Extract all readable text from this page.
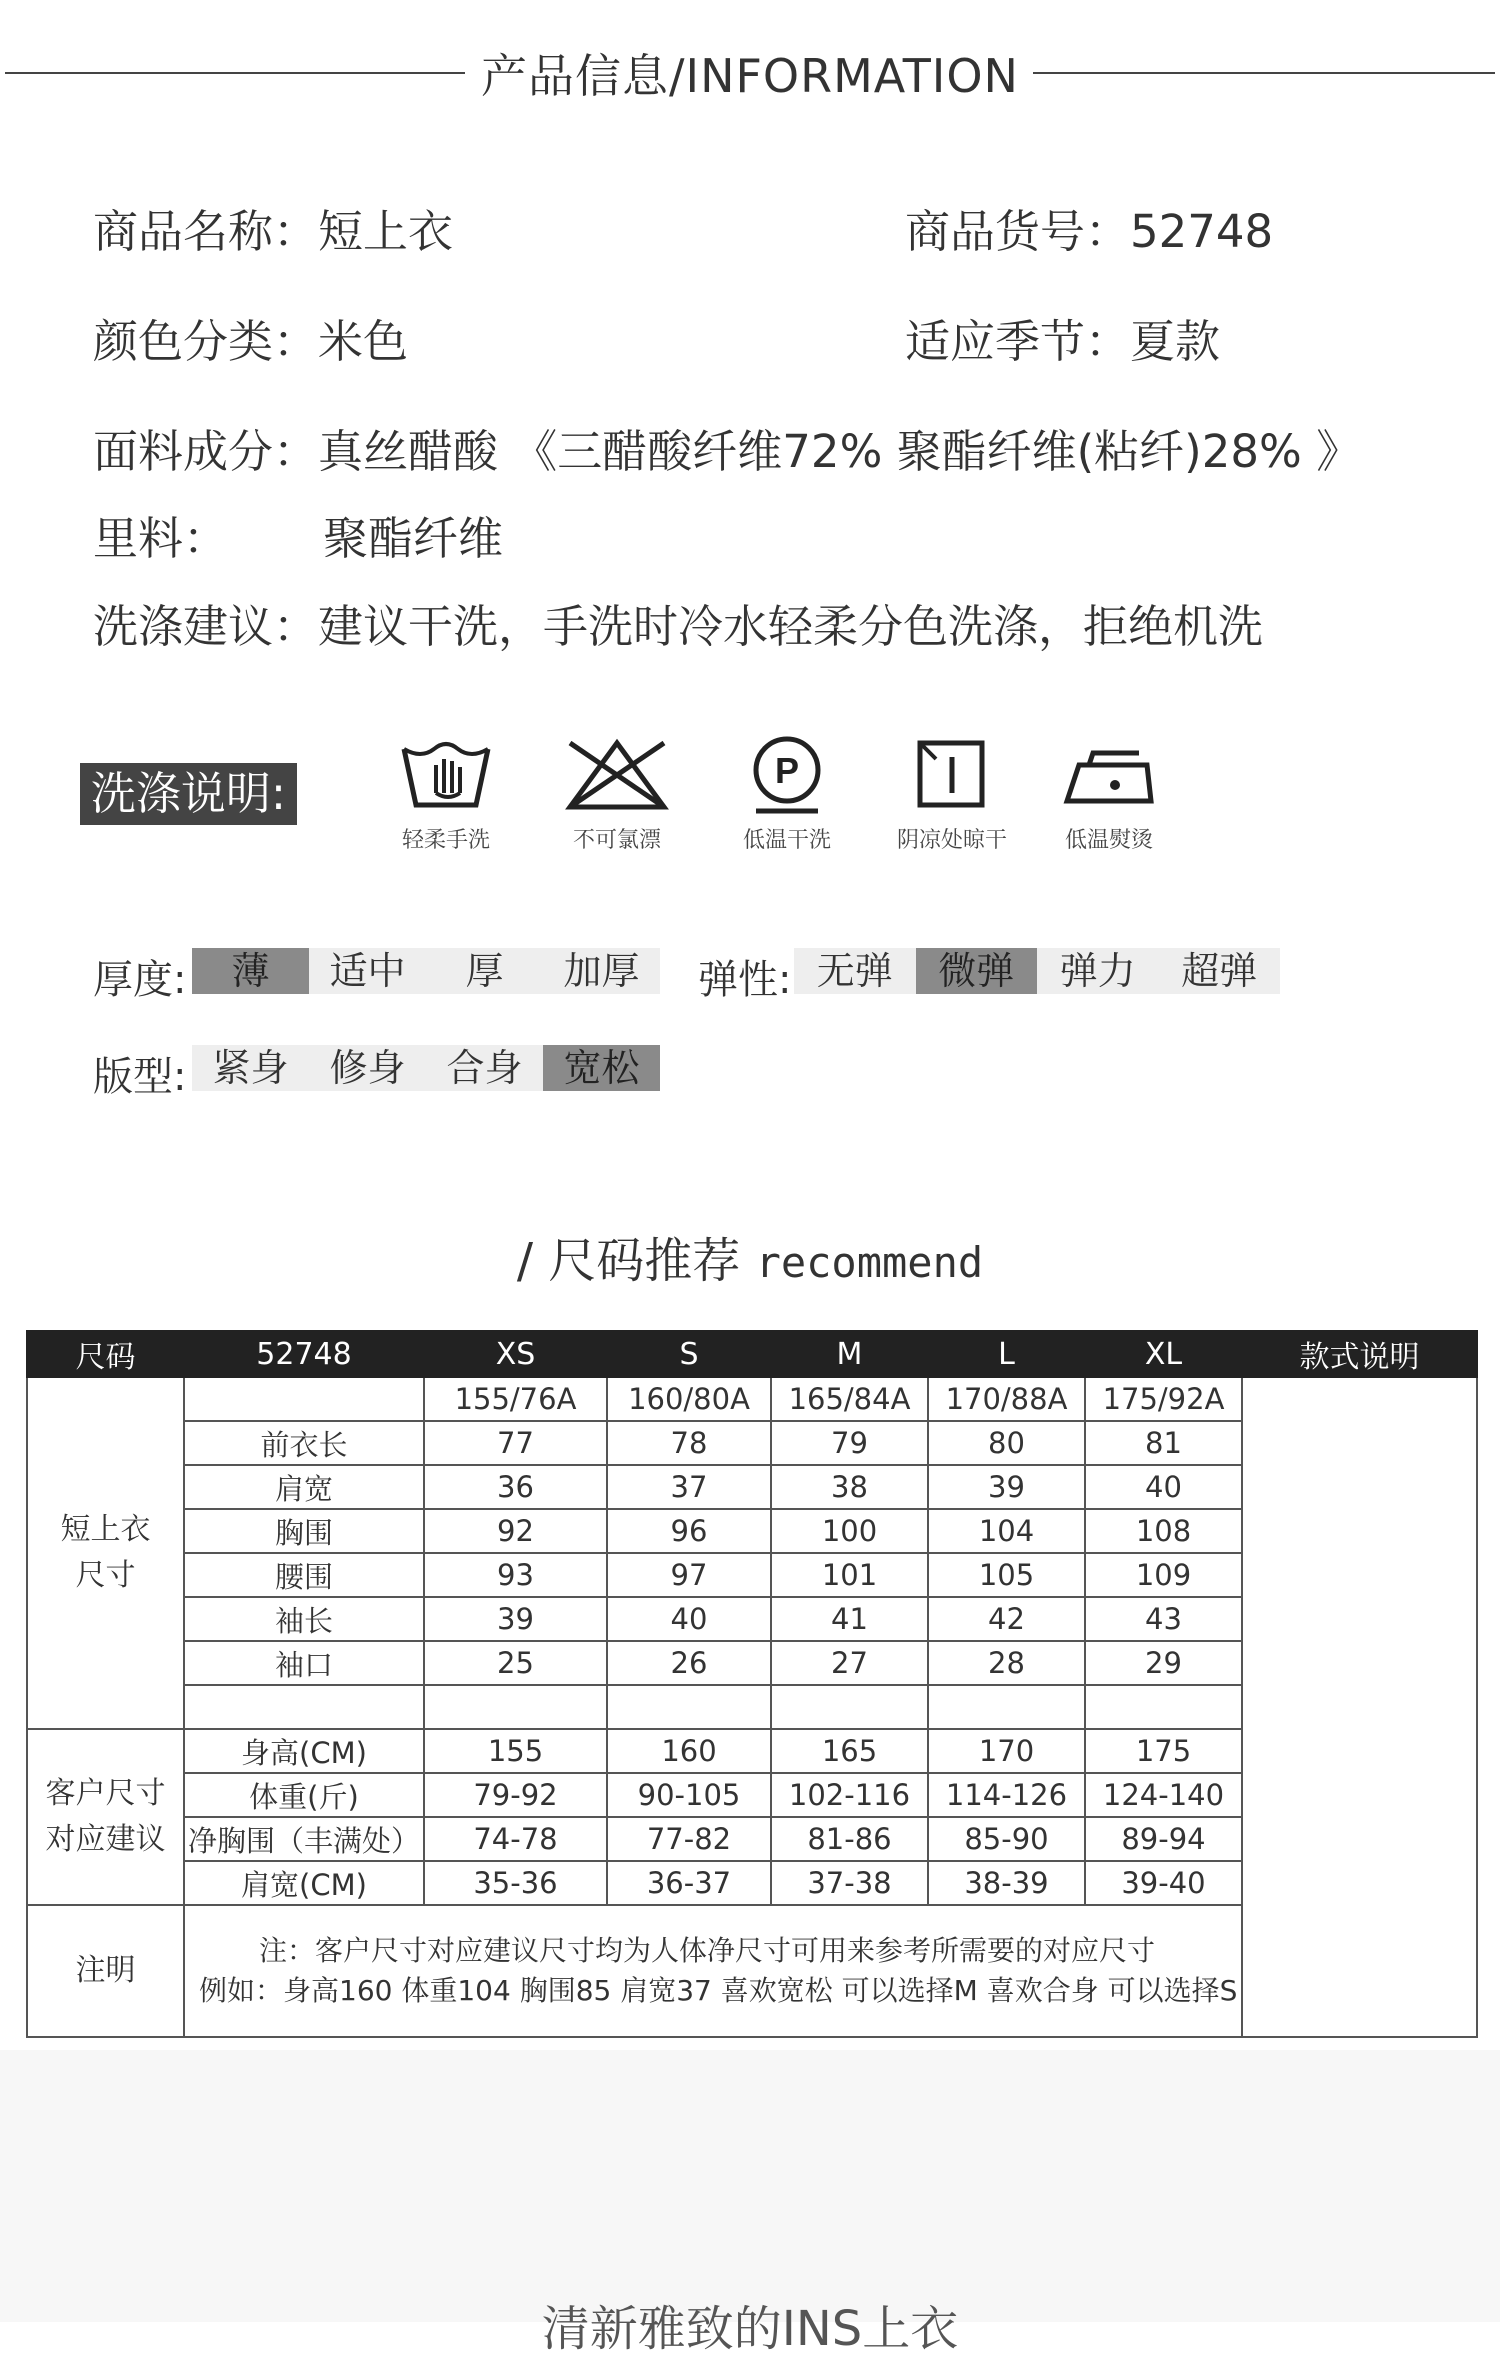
产品信息/INFORMATION
商品名称：短上衣	商品货号：52748
颜色分类：米色	适应季节：夏款
面料成分：真丝醋酸 《三醋酸纤维72% 聚酯纤维(粘纤)28% 》
里料： 聚酯纤维
洗涤建议：建议干洗，手洗时冷水轻柔分色洗涤，拒绝机洗
洗涤说明:
轻柔手洗	不可氯漂
P
低温干洗	阴凉处晾干	低温熨烫
厚度:	薄	适中	厚	加厚	弹性: 无弹	微弹	弹力	超弹
版型: 紧身	修身	合身	宽松
/ 尺码推荐 recommend
尺码	52748	XS	S	M	L	XL	款式说明

短上衣
尺寸		155/76A	160/80A	165/84A	170/88A	175/92A	
	前衣长	77	78	79	80	81	
	肩宽	36	37	38	39	40	
	胸围	92	96	100	104	108	
	腰围	93	97	101	105	109	
	袖长	39	40	41	42	43	
	袖口	25	26	27	28	29	

客户尺寸
对应建议	身高(CM)	155	160	165	170	175	
	体重(斤)	79-92	90-105	102-116	114-126	124-140	
	净胸围（丰满处）	74-78	77-82	81-86	85-90	89-94	
	肩宽(CM)	35-36	36-37	37-38	38-39	39-40	
注明	注：客户尺寸对应建议尺寸均为人体净尺寸可用来参考所需要的对应尺寸
例如：身高160 体重104 胸围85 肩宽37 喜欢宽松 可以选择M 喜欢合身 可以选择S						
清新雅致的INS上衣
